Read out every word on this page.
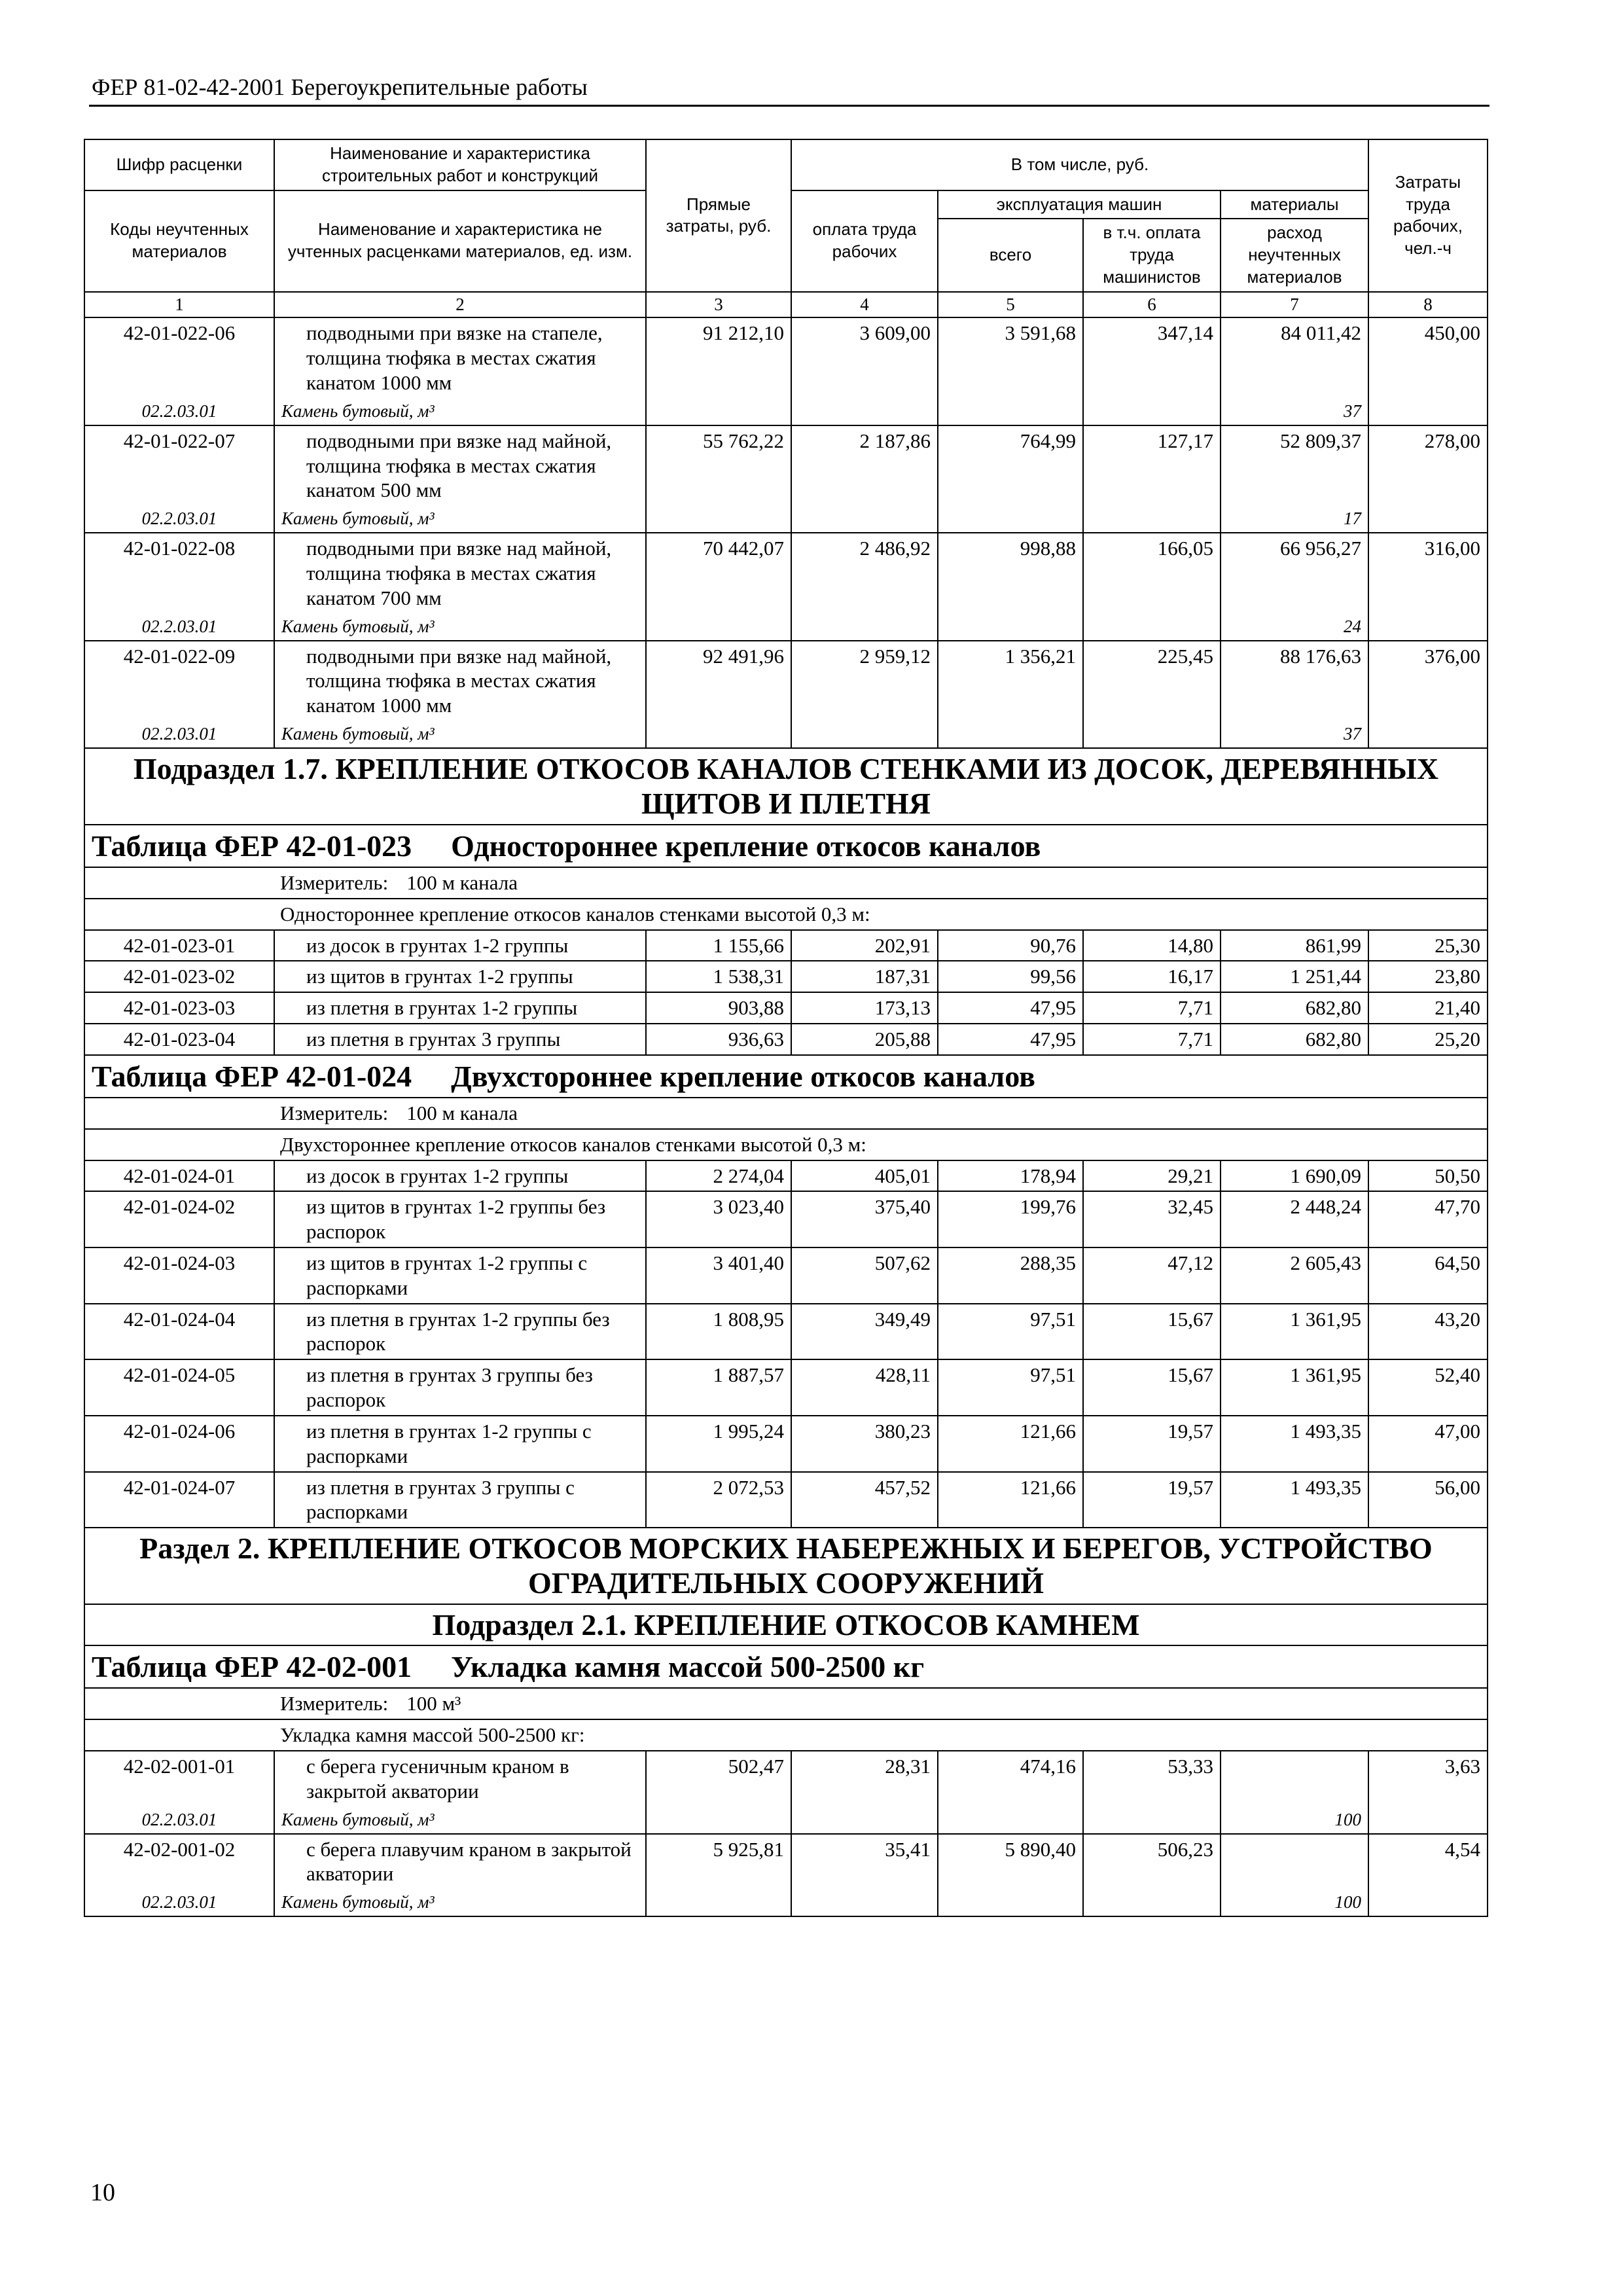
ФЕР 81-02-42-2001 Берегоукрепительные работы
Шифр расценки	Наименование и характеристика строительных работ и конструкций	Прямые затраты, руб.	В том числе, руб.				Затраты труда рабочих, чел.-ч
Коды неучтенных материалов	Наименование и характеристика не учтенных расценками материалов, ед. изм.		оплата труда рабочих	эксплуатация машин		материалы	
				всего	в т.ч. оплата труда машинистов	расход неучтенных материалов	

1	2	3	4	5	6	7	8
42-01-022-06	подводными при вязке на стапеле, толщина тюфяка в местах сжатия канатом 1000 мм	91 212,10	3 609,00	3 591,68	347,14	84 011,42	450,00
02.2.03.01	Камень бутовый, м³					37	
42-01-022-07	подводными при вязке над майной, толщина тюфяка в местах сжатия канатом 500 мм	55 762,22	2 187,86	764,99	127,17	52 809,37	278,00
02.2.03.01	Камень бутовый, м³					17	
42-01-022-08	подводными при вязке над майной, толщина тюфяка в местах сжатия канатом 700 мм	70 442,07	2 486,92	998,88	166,05	66 956,27	316,00
02.2.03.01	Камень бутовый, м³					24	
42-01-022-09	подводными при вязке над майной, толщина тюфяка в местах сжатия канатом 1000 мм	92 491,96	2 959,12	1 356,21	225,45	88 176,63	376,00
02.2.03.01	Камень бутовый, м³					37	
Подраздел 1.7. КРЕПЛЕНИЕ ОТКОСОВ КАНАЛОВ СТЕНКАМИ ИЗ ДОСОК, ДЕРЕВЯННЫХ ЩИТОВ И ПЛЕТНЯ							
Таблица ФЕР 42-01-023 Одностороннее крепление откосов каналов							
Измеритель: 100 м канала							
Одностороннее крепление откосов каналов стенками высотой 0,3 м:							
42-01-023-01	из досок в грунтах 1-2 группы	1 155,66	202,91	90,76	14,80	861,99	25,30
42-01-023-02	из щитов в грунтах 1-2 группы	1 538,31	187,31	99,56	16,17	1 251,44	23,80
42-01-023-03	из плетня в грунтах 1-2 группы	903,88	173,13	47,95	7,71	682,80	21,40
42-01-023-04	из плетня в грунтах 3 группы	936,63	205,88	47,95	7,71	682,80	25,20
Таблица ФЕР 42-01-024 Двухстороннее крепление откосов каналов							
Измеритель: 100 м канала							
Двухстороннее крепление откосов каналов стенками высотой 0,3 м:							
42-01-024-01	из досок в грунтах 1-2 группы	2 274,04	405,01	178,94	29,21	1 690,09	50,50
42-01-024-02	из щитов в грунтах 1-2 группы без распорок	3 023,40	375,40	199,76	32,45	2 448,24	47,70
42-01-024-03	из щитов в грунтах 1-2 группы с распорками	3 401,40	507,62	288,35	47,12	2 605,43	64,50
42-01-024-04	из плетня в грунтах 1-2 группы без распорок	1 808,95	349,49	97,51	15,67	1 361,95	43,20
42-01-024-05	из плетня в грунтах 3 группы без распорок	1 887,57	428,11	97,51	15,67	1 361,95	52,40
42-01-024-06	из плетня в грунтах 1-2 группы с распорками	1 995,24	380,23	121,66	19,57	1 493,35	47,00
42-01-024-07	из плетня в грунтах 3 группы с распорками	2 072,53	457,52	121,66	19,57	1 493,35	56,00
Раздел 2. КРЕПЛЕНИЕ ОТКОСОВ МОРСКИХ НАБЕРЕЖНЫХ И БЕРЕГОВ, УСТРОЙСТВО ОГРАДИТЕЛЬНЫХ СООРУЖЕНИЙ							
Подраздел 2.1. КРЕПЛЕНИЕ ОТКОСОВ КАМНЕМ							
Таблица ФЕР 42-02-001 Укладка камня массой 500-2500 кг							
Измеритель: 100 м³							
Укладка камня массой 500-2500 кг:							
42-02-001-01	с берега гусеничным краном в закрытой акватории	502,47	28,31	474,16	53,33		3,63
02.2.03.01	Камень бутовый, м³					100	
42-02-001-02	с берега плавучим краном в закрытой акватории	5 925,81	35,41	5 890,40	506,23		4,54
02.2.03.01	Камень бутовый, м³					100	
10
